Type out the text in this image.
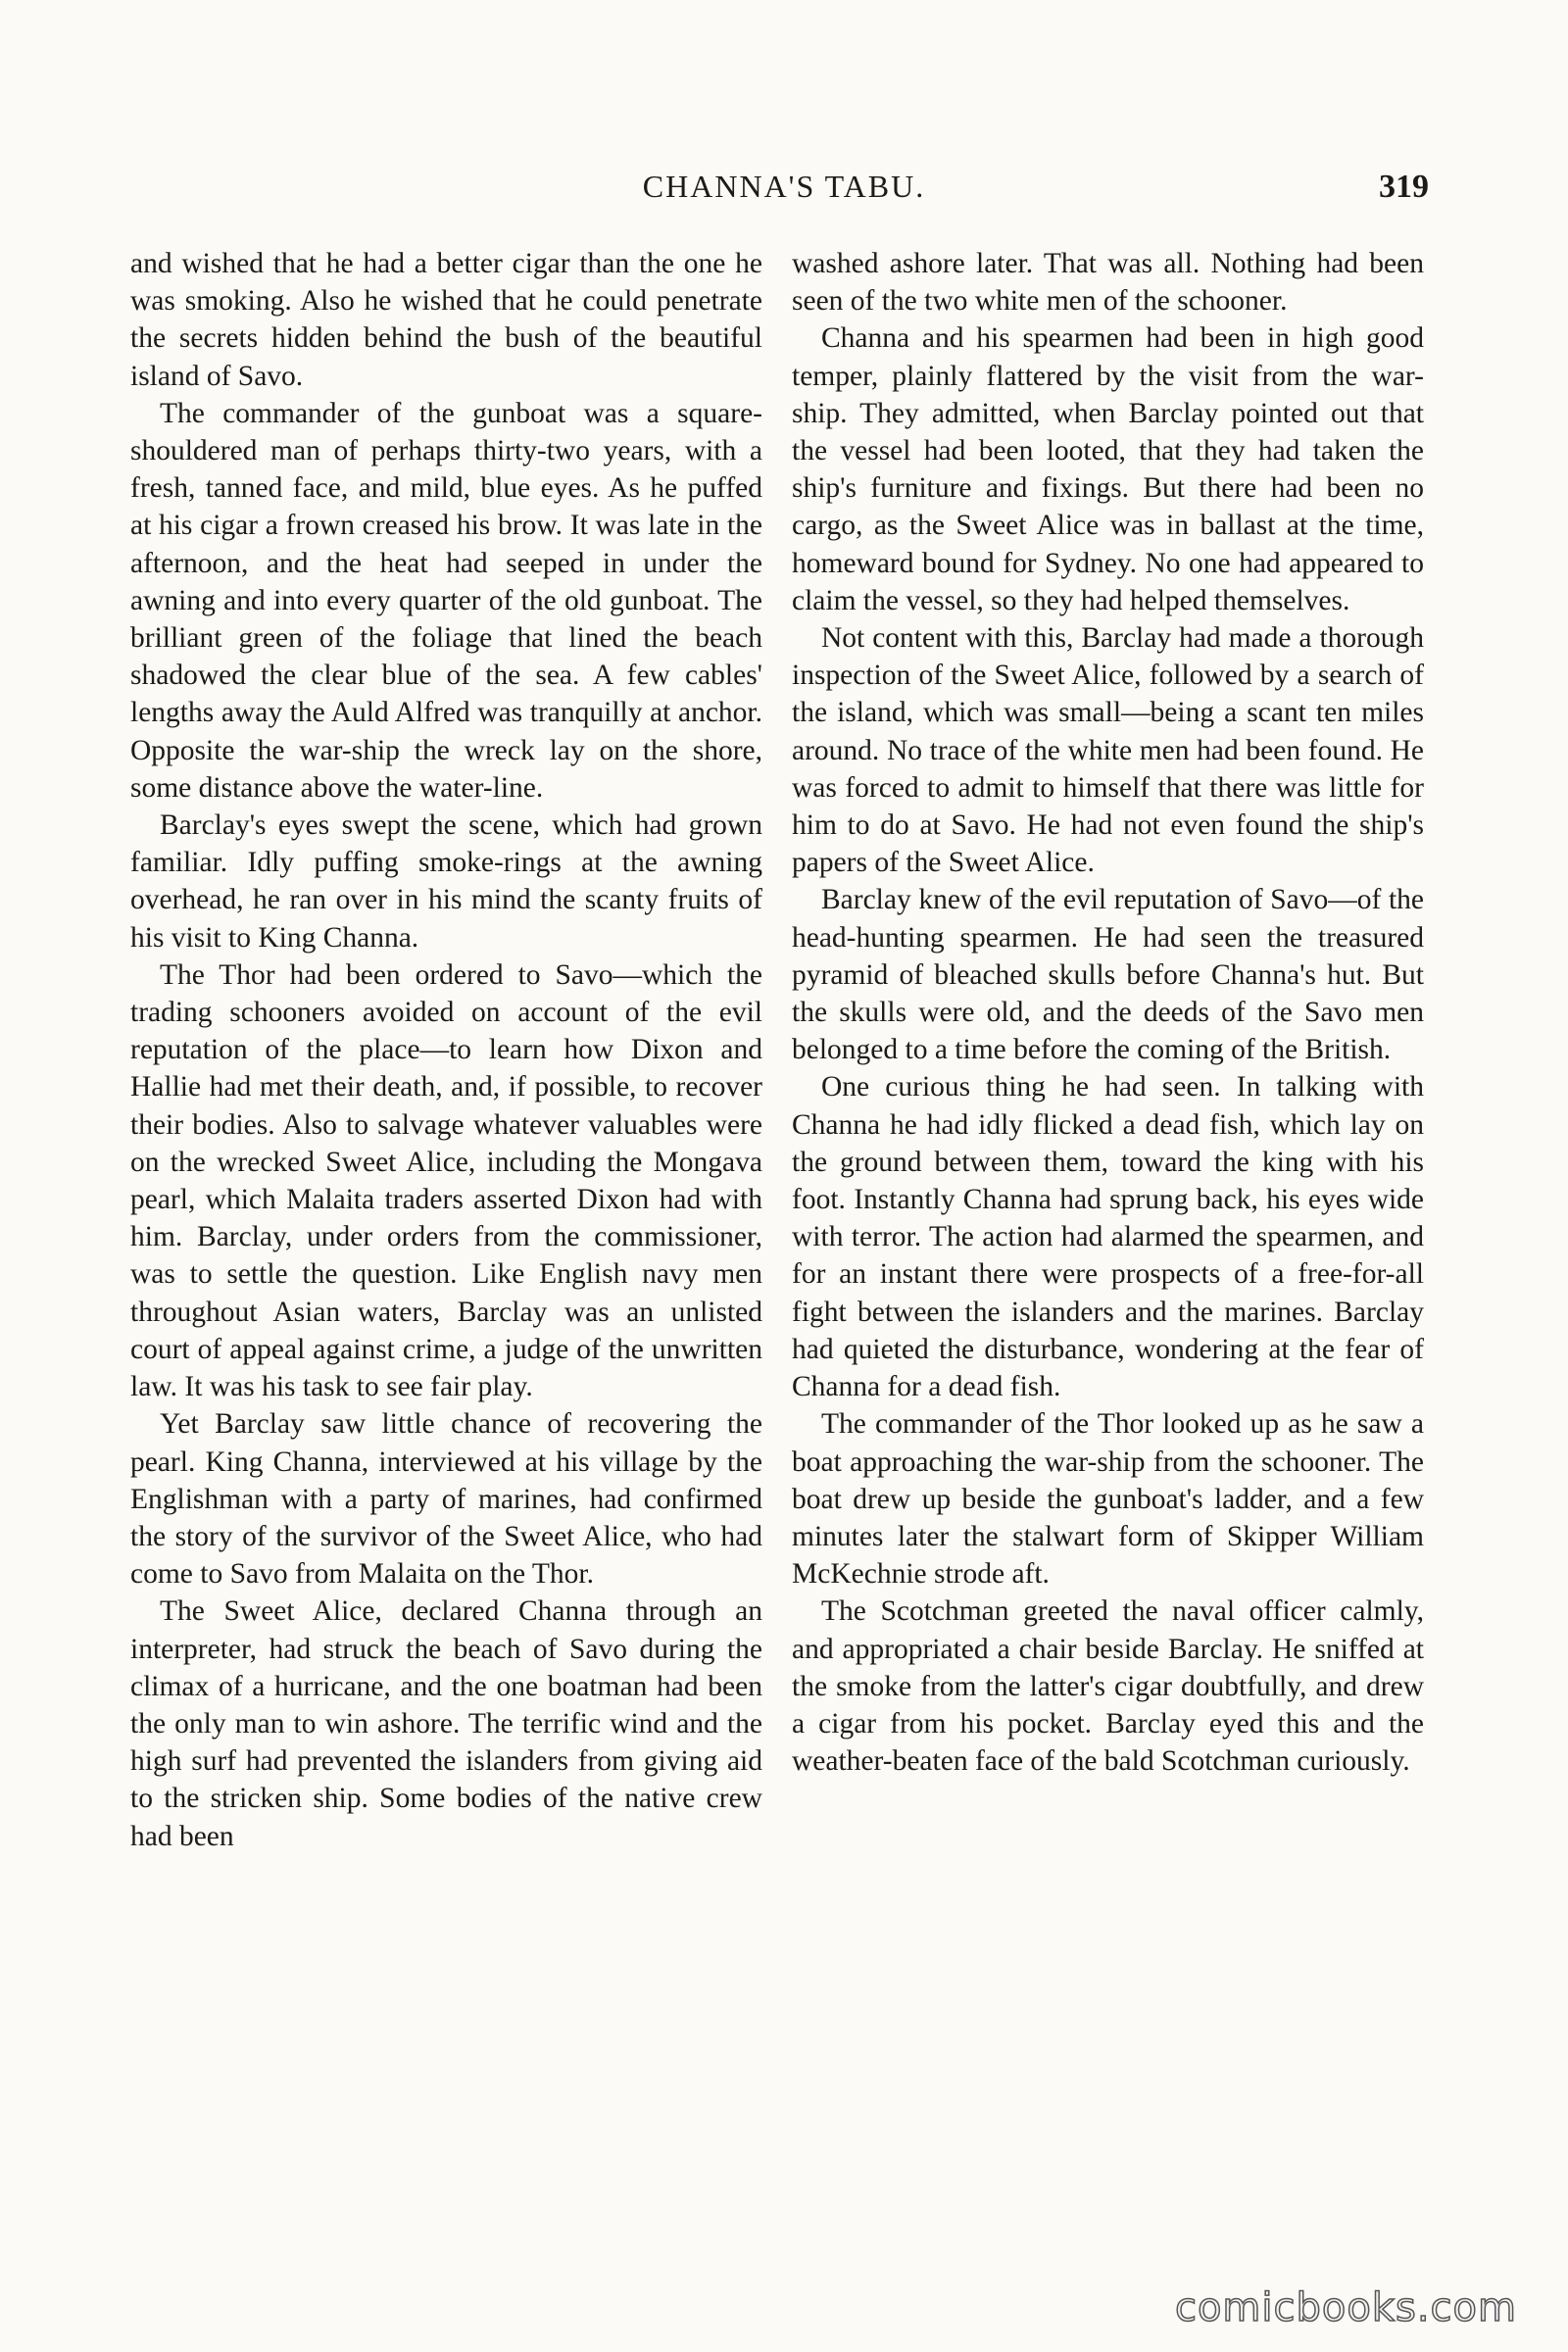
CHANNA'S TABU.	319

and wished that he had a better cigar than the one he was smoking. Also he wished that he could penetrate the secrets hidden behind the bush of the beautiful island of Savo.

The commander of the gunboat was a square-shouldered man of perhaps thirty-two years, with a fresh, tanned face, and mild, blue eyes. As he puffed at his cigar a frown creased his brow. It was late in the afternoon, and the heat had seeped in under the awning and into every quarter of the old gunboat. The brilliant green of the foliage that lined the beach shadowed the clear blue of the sea. A few cables' lengths away the Auld Alfred was tranquilly at anchor. Opposite the war-ship the wreck lay on the shore, some distance above the water-line.

Barclay's eyes swept the scene, which had grown familiar. Idly puffing smoke-rings at the awning overhead, he ran over in his mind the scanty fruits of his visit to King Channa.

The Thor had been ordered to Savo—which the trading schooners avoided on account of the evil reputation of the place—to learn how Dixon and Hallie had met their death, and, if possible, to recover their bodies. Also to salvage whatever valuables were on the wrecked Sweet Alice, including the Mongava pearl, which Malaita traders asserted Dixon had with him. Barclay, under orders from the commissioner, was to settle the question. Like English navy men throughout Asian waters, Barclay was an unlisted court of appeal against crime, a judge of the unwritten law. It was his task to see fair play.

Yet Barclay saw little chance of recovering the pearl. King Channa, interviewed at his village by the Englishman with a party of marines, had confirmed the story of the survivor of the Sweet Alice, who had come to Savo from Malaita on the Thor.

The Sweet Alice, declared Channa through an interpreter, had struck the beach of Savo during the climax of a hurricane, and the one boatman had been the only man to win ashore. The terrific wind and the high surf had prevented the islanders from giving aid to the stricken ship. Some bodies of the native crew had been

washed ashore later. That was all. Nothing had been seen of the two white men of the schooner.

Channa and his spearmen had been in high good temper, plainly flattered by the visit from the war-ship. They admitted, when Barclay pointed out that the vessel had been looted, that they had taken the ship's furniture and fixings. But there had been no cargo, as the Sweet Alice was in ballast at the time, homeward bound for Sydney. No one had appeared to claim the vessel, so they had helped themselves.

Not content with this, Barclay had made a thorough inspection of the Sweet Alice, followed by a search of the island, which was small—being a scant ten miles around. No trace of the white men had been found. He was forced to admit to himself that there was little for him to do at Savo. He had not even found the ship's papers of the Sweet Alice.

Barclay knew of the evil reputation of Savo—of the head-hunting spearmen. He had seen the treasured pyramid of bleached skulls before Channa's hut. But the skulls were old, and the deeds of the Savo men belonged to a time before the coming of the British.

One curious thing he had seen. In talking with Channa he had idly flicked a dead fish, which lay on the ground between them, toward the king with his foot. Instantly Channa had sprung back, his eyes wide with terror. The action had alarmed the spearmen, and for an instant there were prospects of a free-for-all fight between the islanders and the marines. Barclay had quieted the disturbance, wondering at the fear of Channa for a dead fish.

The commander of the Thor looked up as he saw a boat approaching the war-ship from the schooner. The boat drew up beside the gunboat's ladder, and a few minutes later the stalwart form of Skipper William McKechnie strode aft.

The Scotchman greeted the naval officer calmly, and appropriated a chair beside Barclay. He sniffed at the smoke from the latter's cigar doubtfully, and drew a cigar from his pocket. Barclay eyed this and the weather-beaten face of the bald Scotchman curiously.

comicbooks.com
